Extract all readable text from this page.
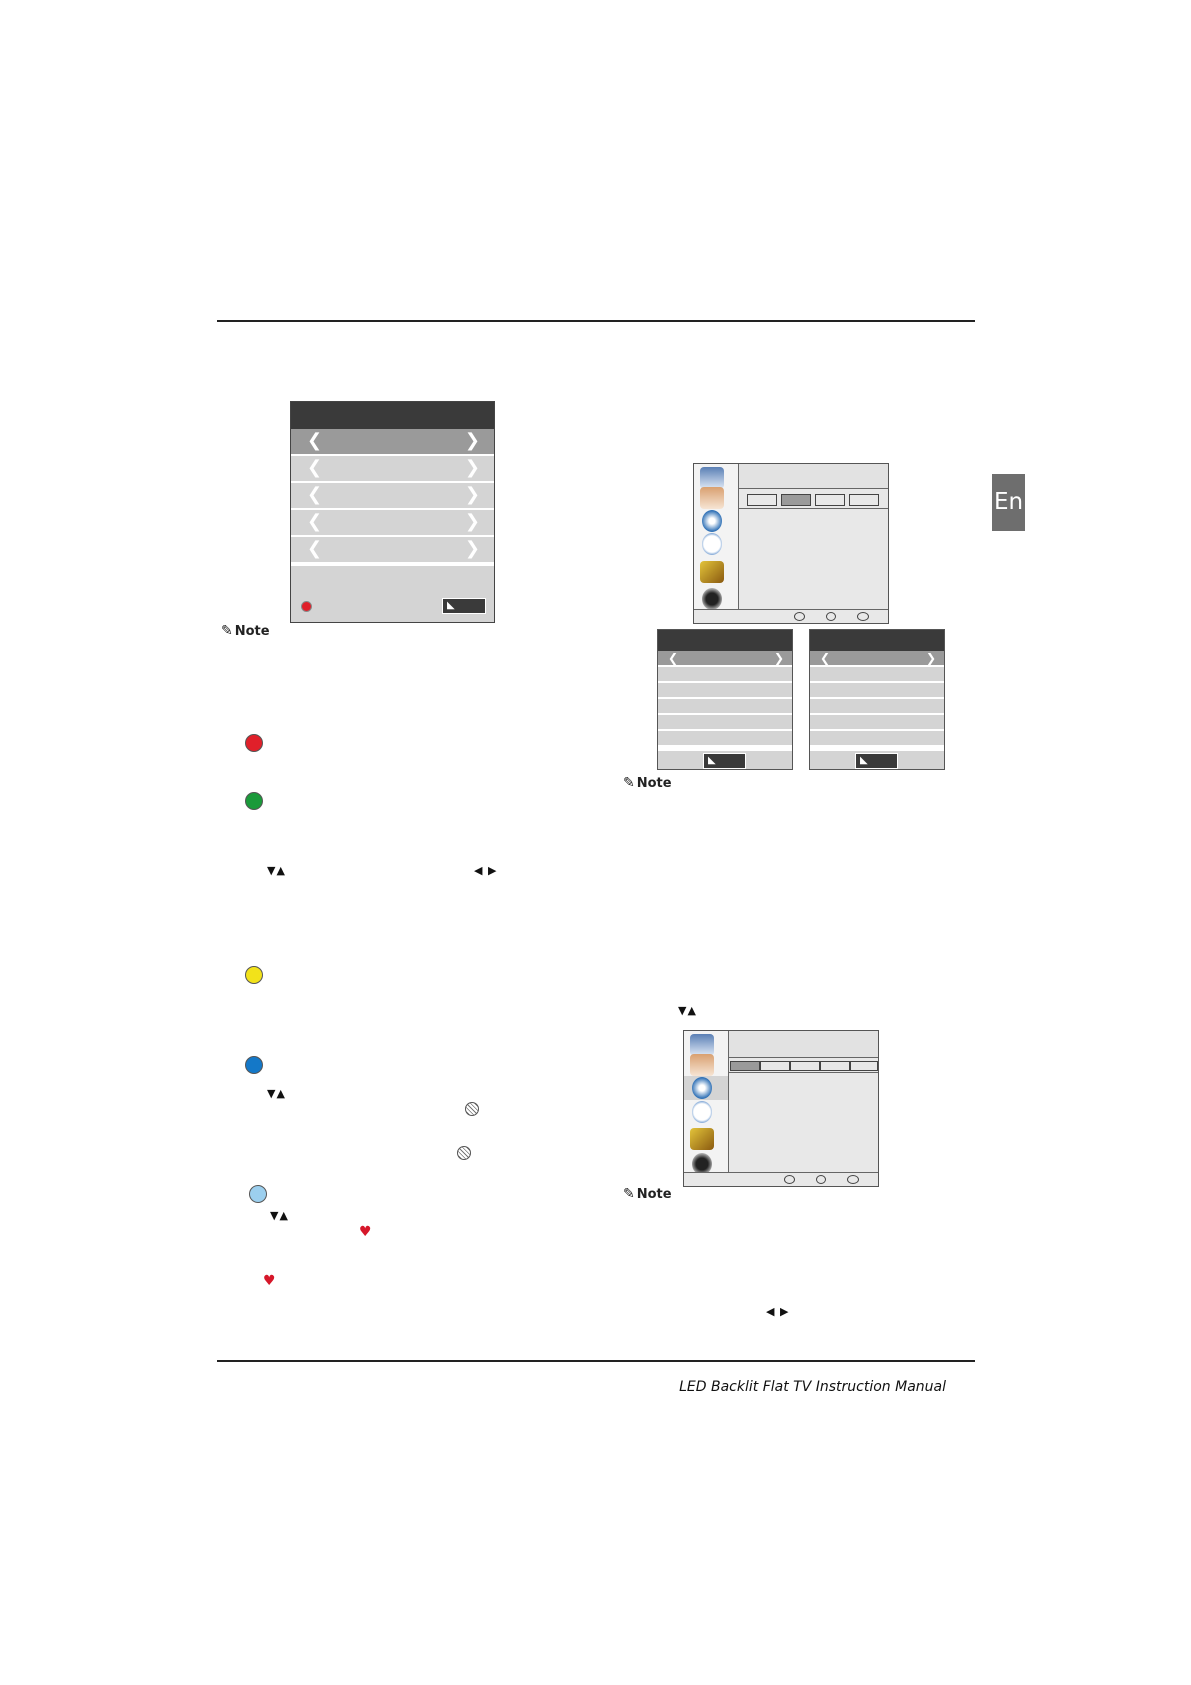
En
❮	❯
❮	❯
❮	❯
❮	❯
❮	❯
◣
✎ Note
✎ Note
✎ Note
▼▲	◀ ▶
▼▲
▼▲
▼▲
◀ ▶
♥
♥
❮	❯
◣
❮	❯
◣
LED Backlit Flat TV Instruction Manual
